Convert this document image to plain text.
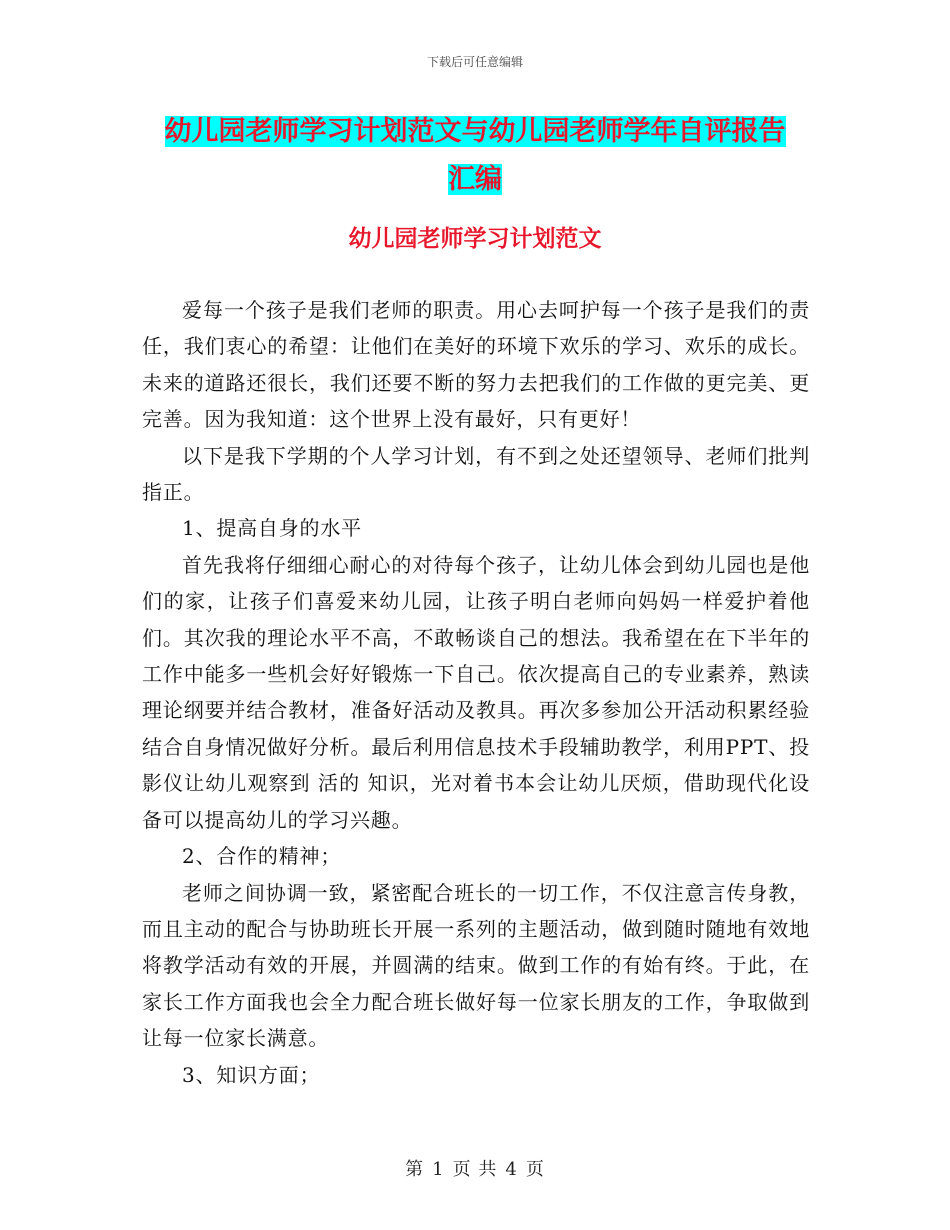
下载后可任意编辑
幼儿园老师学习计划范文与幼儿园老师学年自评报告
汇编
幼儿园老师学习计划范文

爱每一个孩子是我们老师的职责。用心去呵护每一个孩子是我们的责任，我们衷心的希望：让他们在美好的环境下欢乐的学习、欢乐的成长。未来的道路还很长，我们还要不断的努力去把我们的工作做的更完美、更完善。因为我知道：这个世界上没有最好，只有更好！

以下是我下学期的个人学习计划，有不到之处还望领导、老师们批判指正。

1、提高自身的水平

首先我将仔细细心耐心的对待每个孩子，让幼儿体会到幼儿园也是他们的家，让孩子们喜爱来幼儿园，让孩子明白老师向妈妈一样爱护着他们。其次我的理论水平不高，不敢畅谈自己的想法。我希望在在下半年的工作中能多一些机会好好锻炼一下自己。依次提高自己的专业素养，熟读理论纲要并结合教材，准备好活动及教具。再次多参加公开活动积累经验结合自身情况做好分析。最后利用信息技术手段辅助教学，利用PPT、投影仪让幼儿观察到 活的 知识，光对着书本会让幼儿厌烦，借助现代化设备可以提高幼儿的学习兴趣。

2、合作的精神；

老师之间协调一致，紧密配合班长的一切工作，不仅注意言传身教，而且主动的配合与协助班长开展一系列的主题活动，做到随时随地有效地将教学活动有效的开展，并圆满的结束。做到工作的有始有终。于此，在家长工作方面我也会全力配合班长做好每一位家长朋友的工作，争取做到让每一位家长满意。

3、知识方面；

第 1 页 共 4 页
